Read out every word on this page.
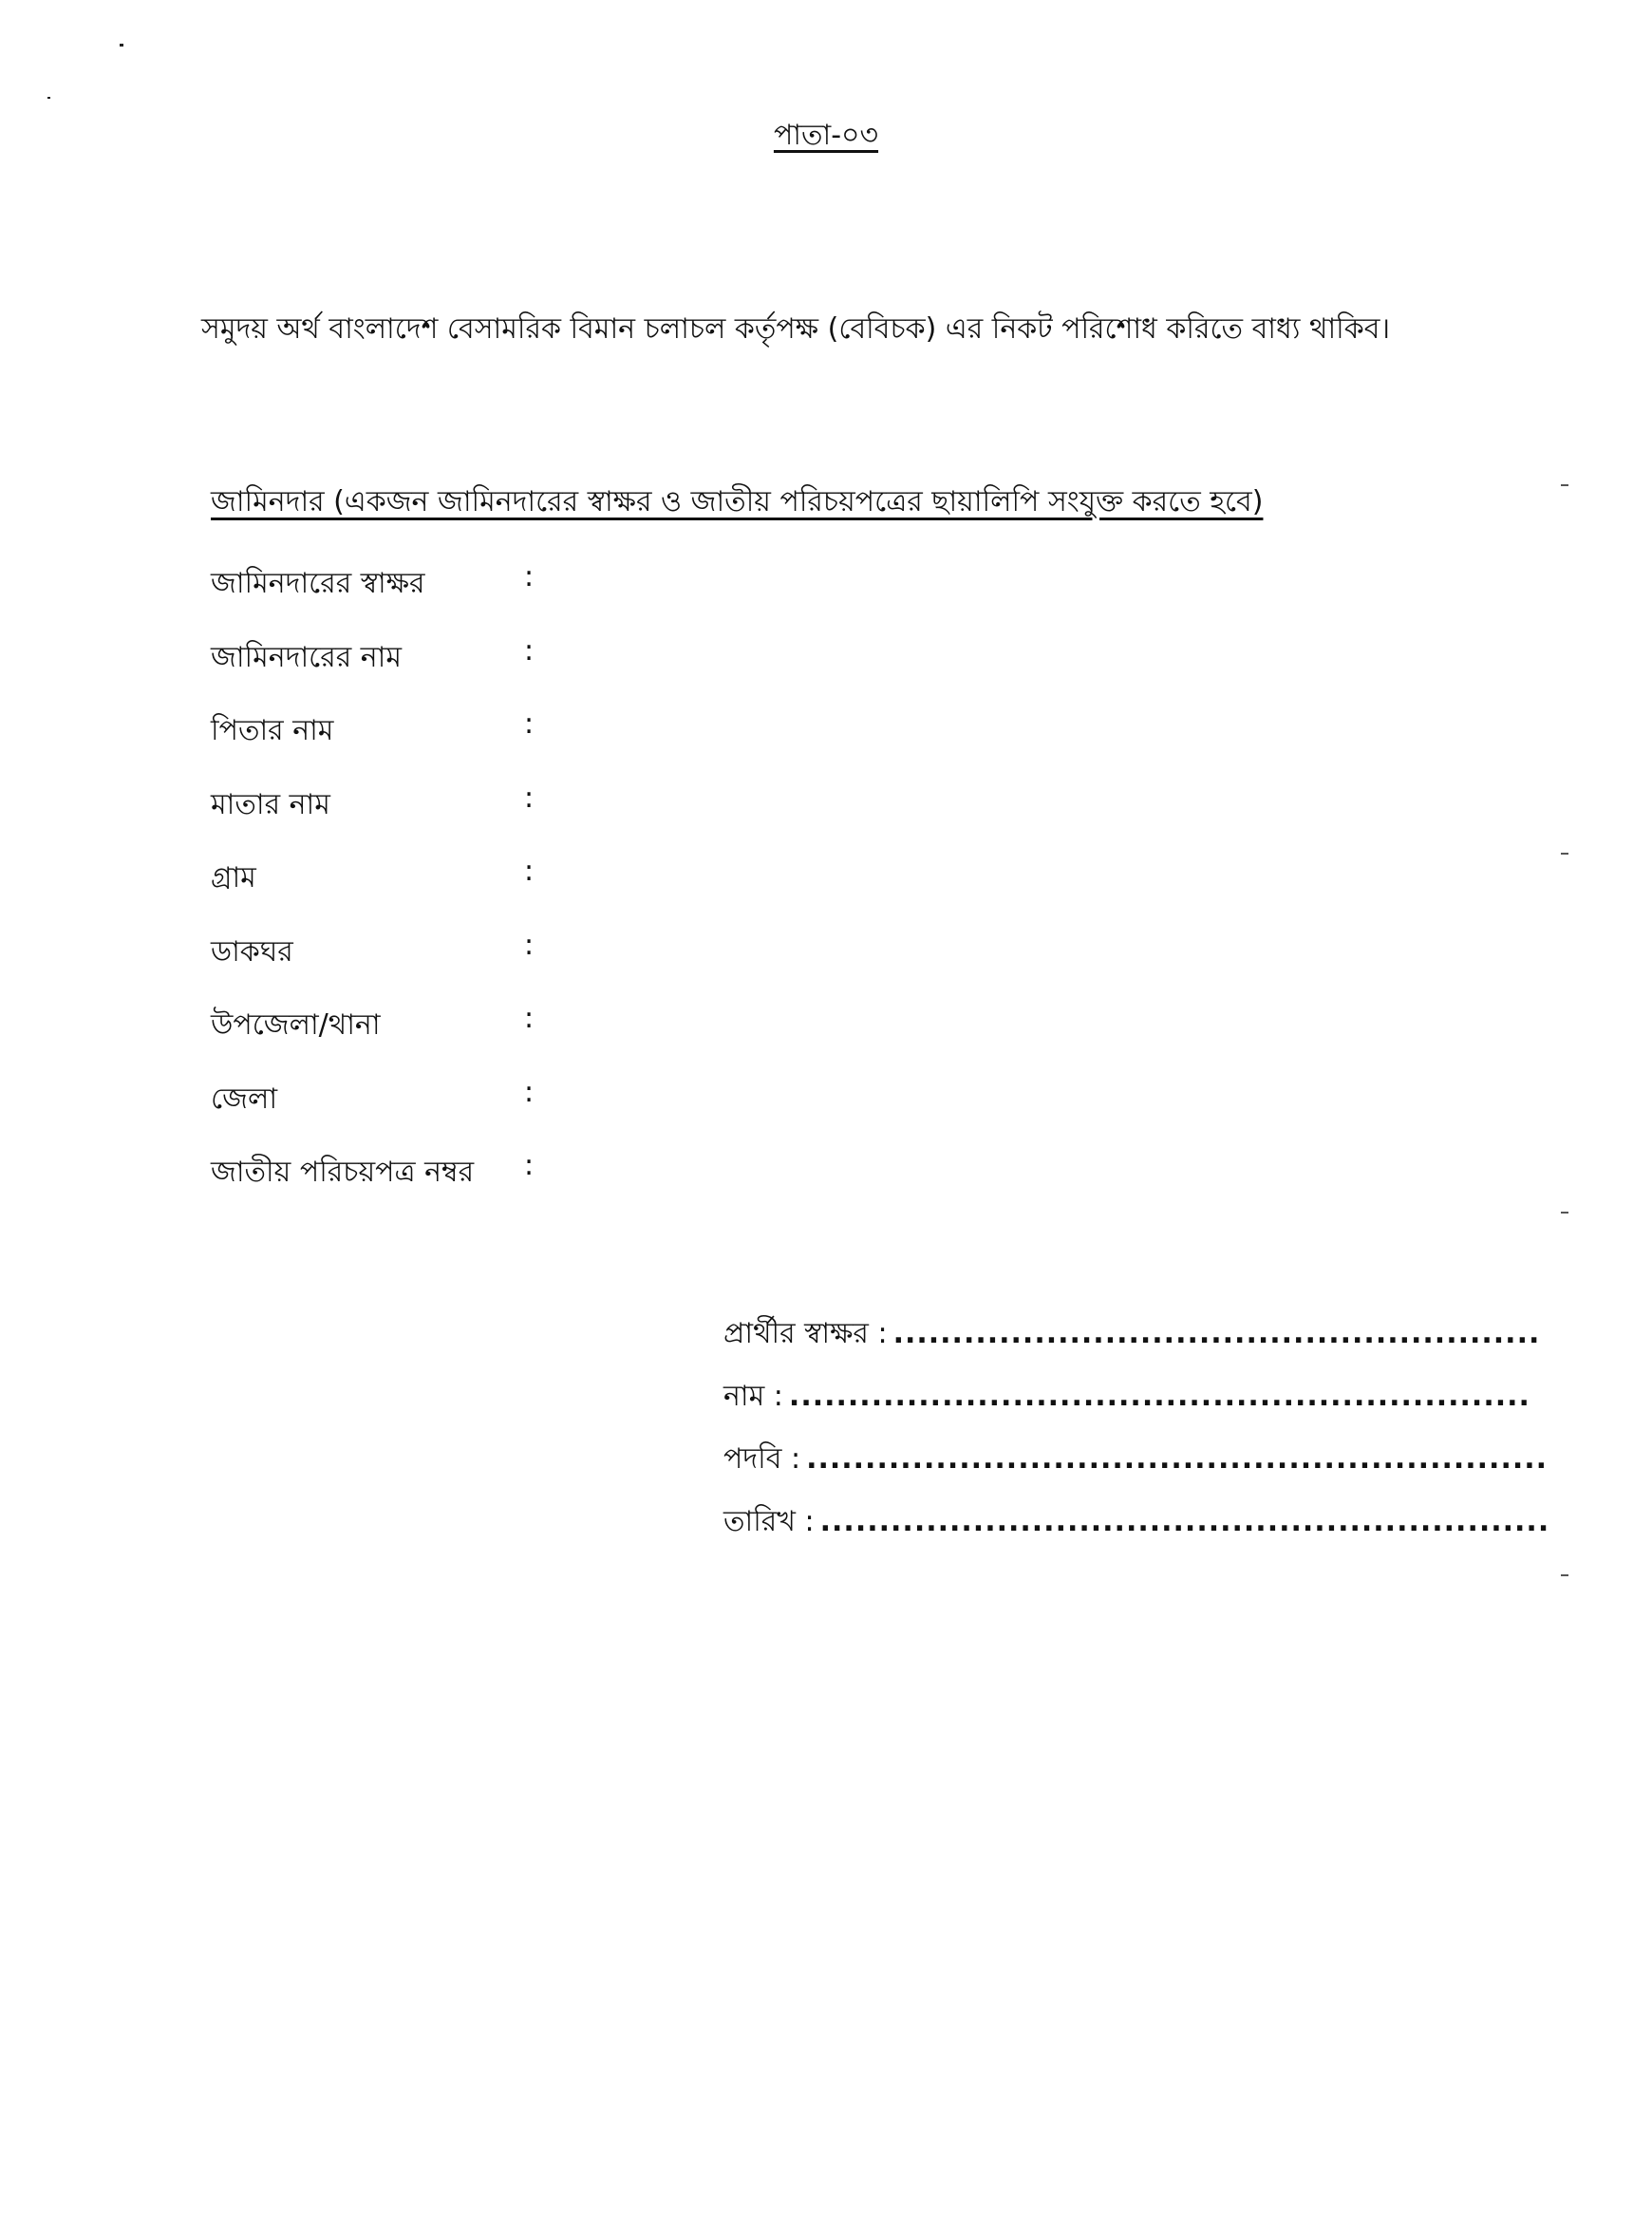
পাতা-০৩
সমুদয় অর্থ বাংলাদেশ বেসামরিক বিমান চলাচল কর্তৃপক্ষ (বেবিচক) এর নিকট পরিশোধ করিতে বাধ্য থাকিব।
জামিনদার (একজন জামিনদারের স্বাক্ষর ও জাতীয় পরিচয়পত্রের ছায়ালিপি সংযুক্ত করতে হবে)
জামিনদারের স্বাক্ষর	:
জামিনদারের নাম	:
পিতার নাম	:
মাতার নাম	:
গ্রাম	:
ডাকঘর	:
উপজেলা/থানা	:
জেলা	:
জাতীয় পরিচয়পত্র নম্বর :
প্রার্থীর স্বাক্ষর : .......................................................
নাম : ...............................................................
পদবি : ...............................................................
তারিখ : ..............................................................
